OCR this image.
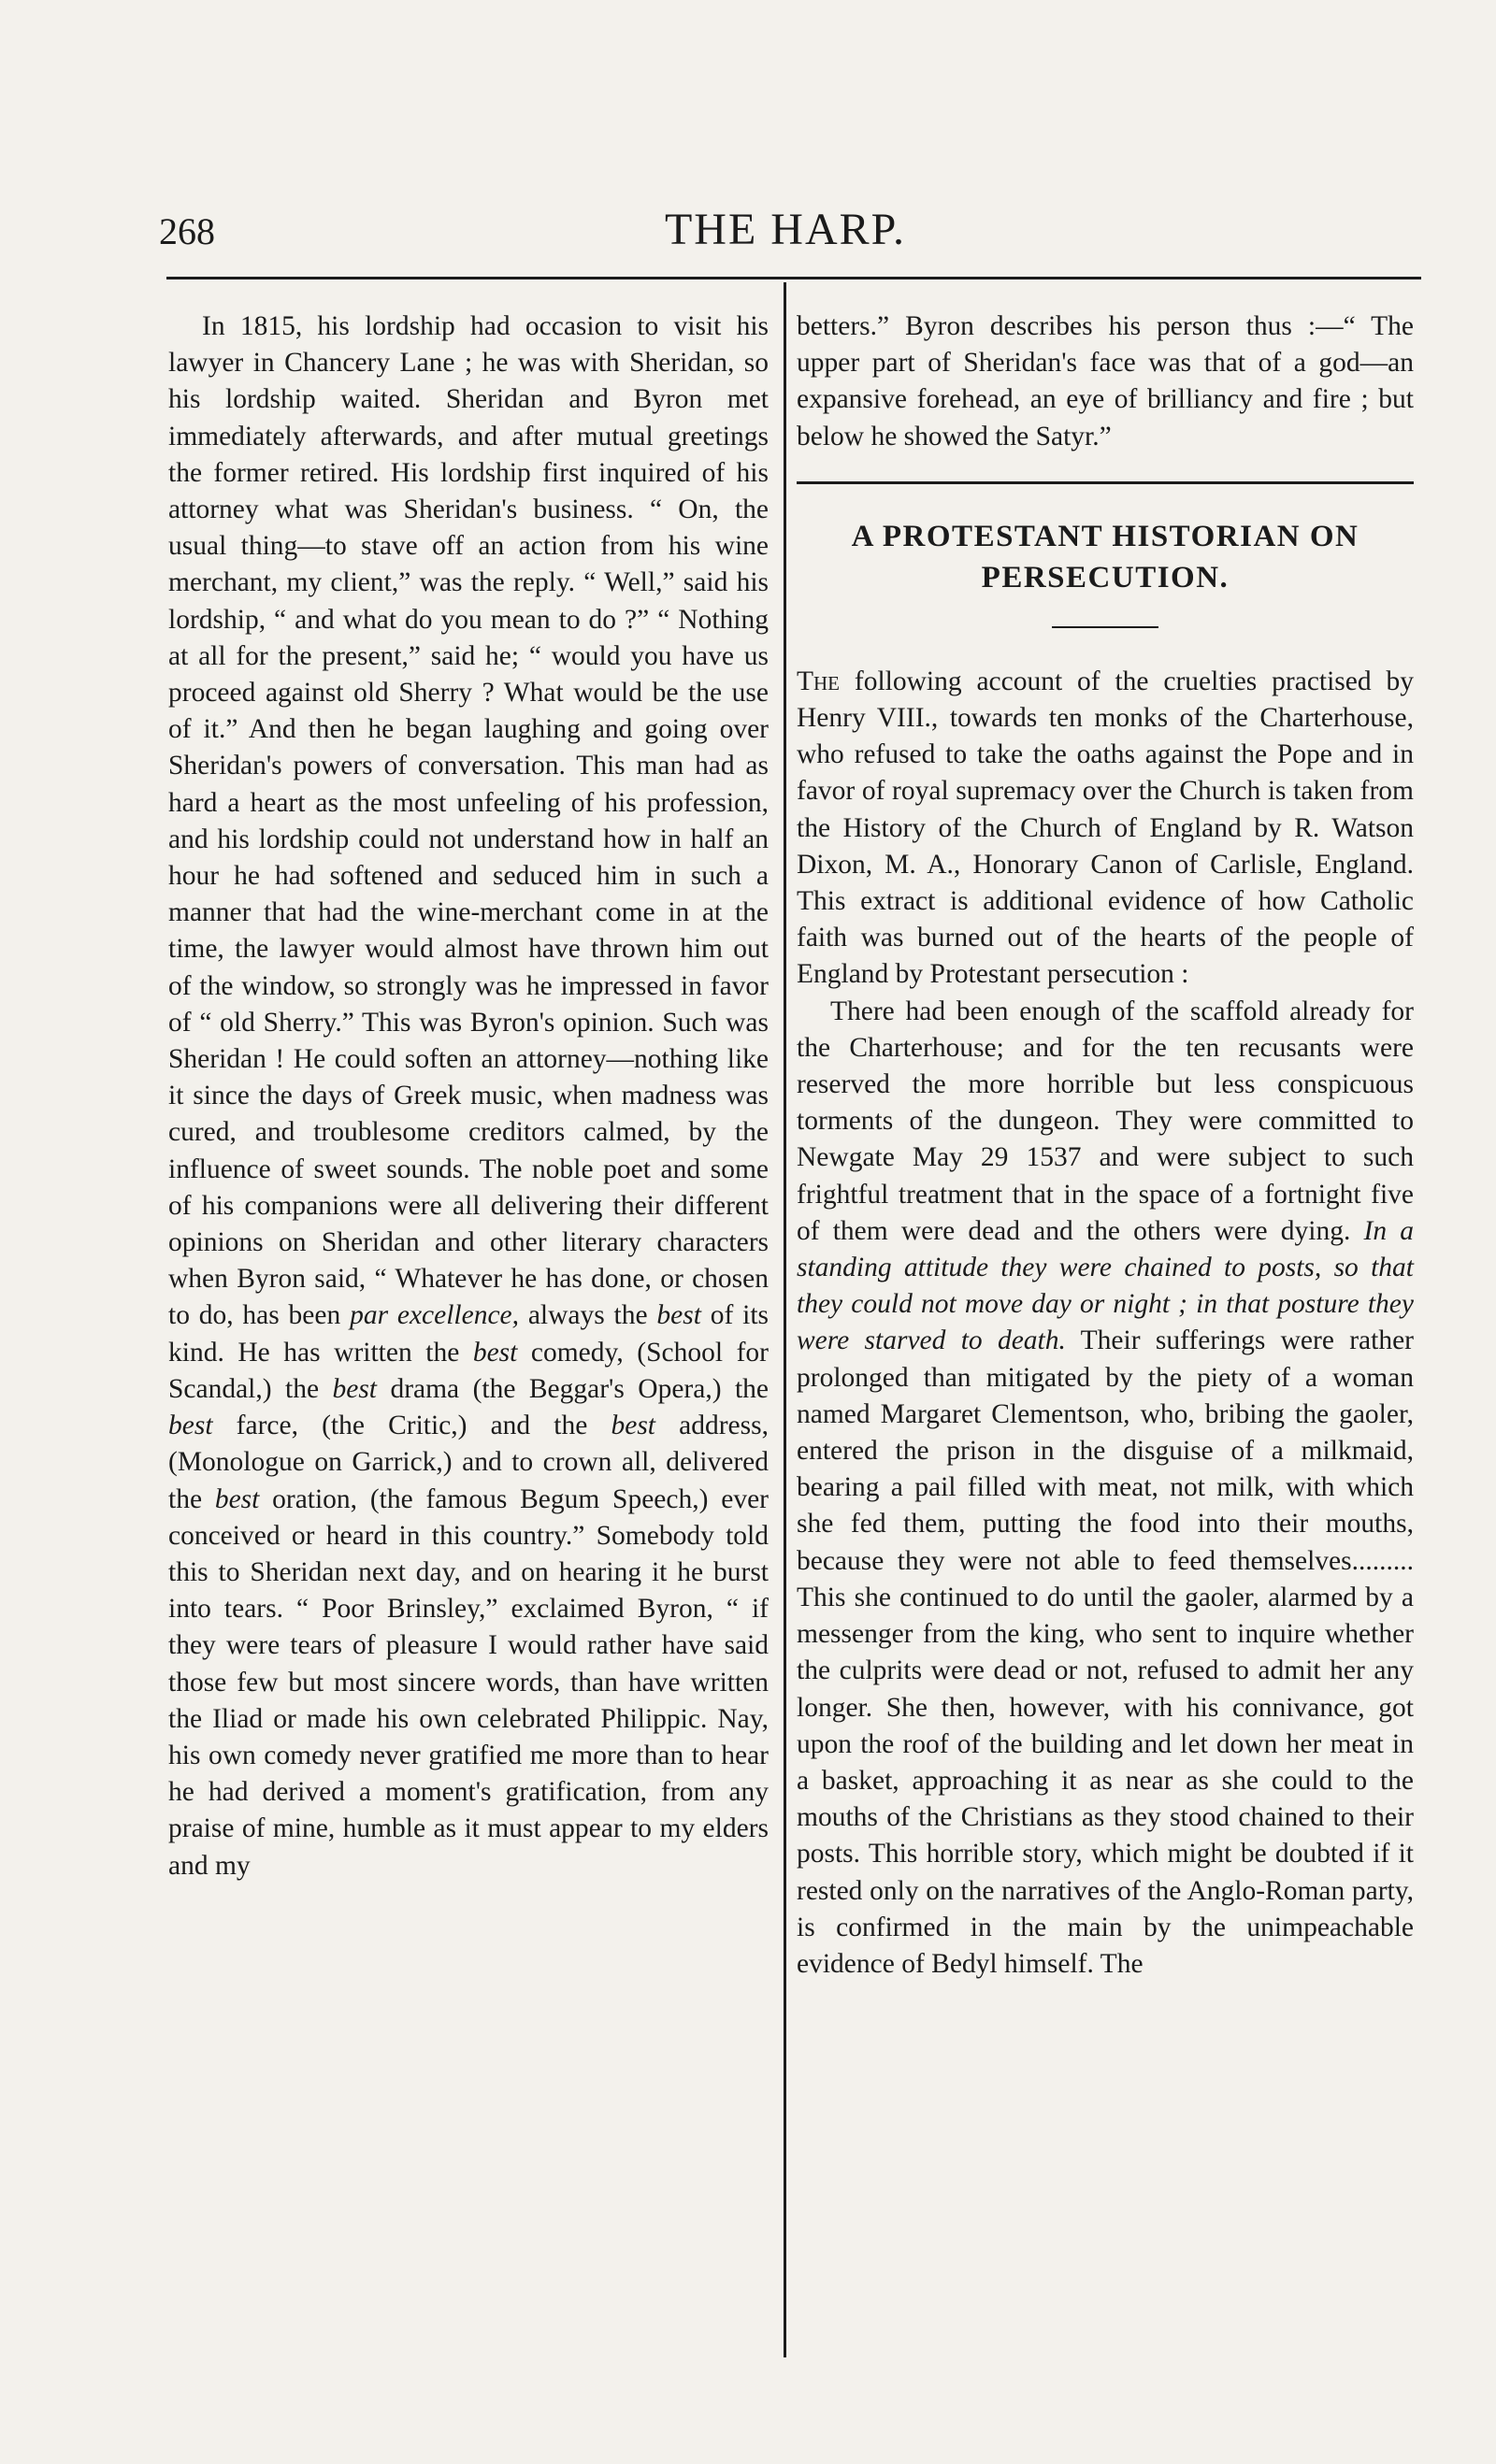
268	THE HARP.

In 1815, his lordship had occasion to visit his lawyer in Chancery Lane ; he was with Sheridan, so his lordship waited. Sheridan and Byron met immediately afterwards, and after mutual greetings the former retired. His lordship first inquired of his attorney what was Sheridan's business. “ On, the usual thing—to stave off an action from his wine merchant, my client,” was the reply. “ Well,” said his lordship, “ and what do you mean to do ?” “ Nothing at all for the present,” said he; “ would you have us proceed against old Sherry ? What would be the use of it.” And then he began laughing and going over Sheridan's powers of conversation. This man had as hard a heart as the most unfeeling of his profession, and his lordship could not understand how in half an hour he had softened and seduced him in such a manner that had the wine-merchant come in at the time, the lawyer would almost have thrown him out of the window, so strongly was he impressed in favor of “ old Sherry.” This was Byron's opinion. Such was Sheridan ! He could soften an attorney—nothing like it since the days of Greek music, when madness was cured, and troublesome creditors calmed, by the influence of sweet sounds. The noble poet and some of his companions were all delivering their different opinions on Sheridan and other literary characters when Byron said, “ Whatever he has done, or chosen to do, has been par excellence, always the best of its kind. He has written the best comedy, (School for Scandal,) the best drama (the Beggar's Opera,) the best farce, (the Critic,) and the best address, (Monologue on Garrick,) and to crown all, delivered the best oration, (the famous Begum Speech,) ever conceived or heard in this country.” Somebody told this to Sheridan next day, and on hearing it he burst into tears. “ Poor Brinsley,” exclaimed Byron, “ if they were tears of pleasure I would rather have said those few but most sincere words, than have written the Iliad or made his own celebrated Philippic. Nay, his own comedy never gratified me more than to hear he had derived a moment's gratification, from any praise of mine, humble as it must appear to my elders and my

betters.” Byron describes his person thus :—“ The upper part of Sheridan's face was that of a god—an expansive forehead, an eye of brilliancy and fire ; but below he showed the Satyr.”

A PROTESTANT HISTORIAN ON PERSECUTION.

The following account of the cruelties practised by Henry VIII., towards ten monks of the Charterhouse, who refused to take the oaths against the Pope and in favor of royal supremacy over the Church is taken from the History of the Church of England by R. Watson Dixon, M. A., Honorary Canon of Carlisle, England. This extract is additional evidence of how Catholic faith was burned out of the hearts of the people of England by Protestant persecution :

There had been enough of the scaffold already for the Charterhouse; and for the ten recusants were reserved the more horrible but less conspicuous torments of the dungeon. They were committed to Newgate May 29 1537 and were subject to such frightful treatment that in the space of a fortnight five of them were dead and the others were dying. In a standing attitude they were chained to posts, so that they could not move day or night ; in that posture they were starved to death. Their sufferings were rather prolonged than mitigated by the piety of a woman named Margaret Clementson, who, bribing the gaoler, entered the prison in the disguise of a milkmaid, bearing a pail filled with meat, not milk, with which she fed them, putting the food into their mouths, because they were not able to feed themselves......... This she continued to do until the gaoler, alarmed by a messenger from the king, who sent to inquire whether the culprits were dead or not, refused to admit her any longer. She then, however, with his connivance, got upon the roof of the building and let down her meat in a basket, approaching it as near as she could to the mouths of the Christians as they stood chained to their posts. This horrible story, which might be doubted if it rested only on the narratives of the Anglo-Roman party, is confirmed in the main by the unimpeachable evidence of Bedyl himself. The
